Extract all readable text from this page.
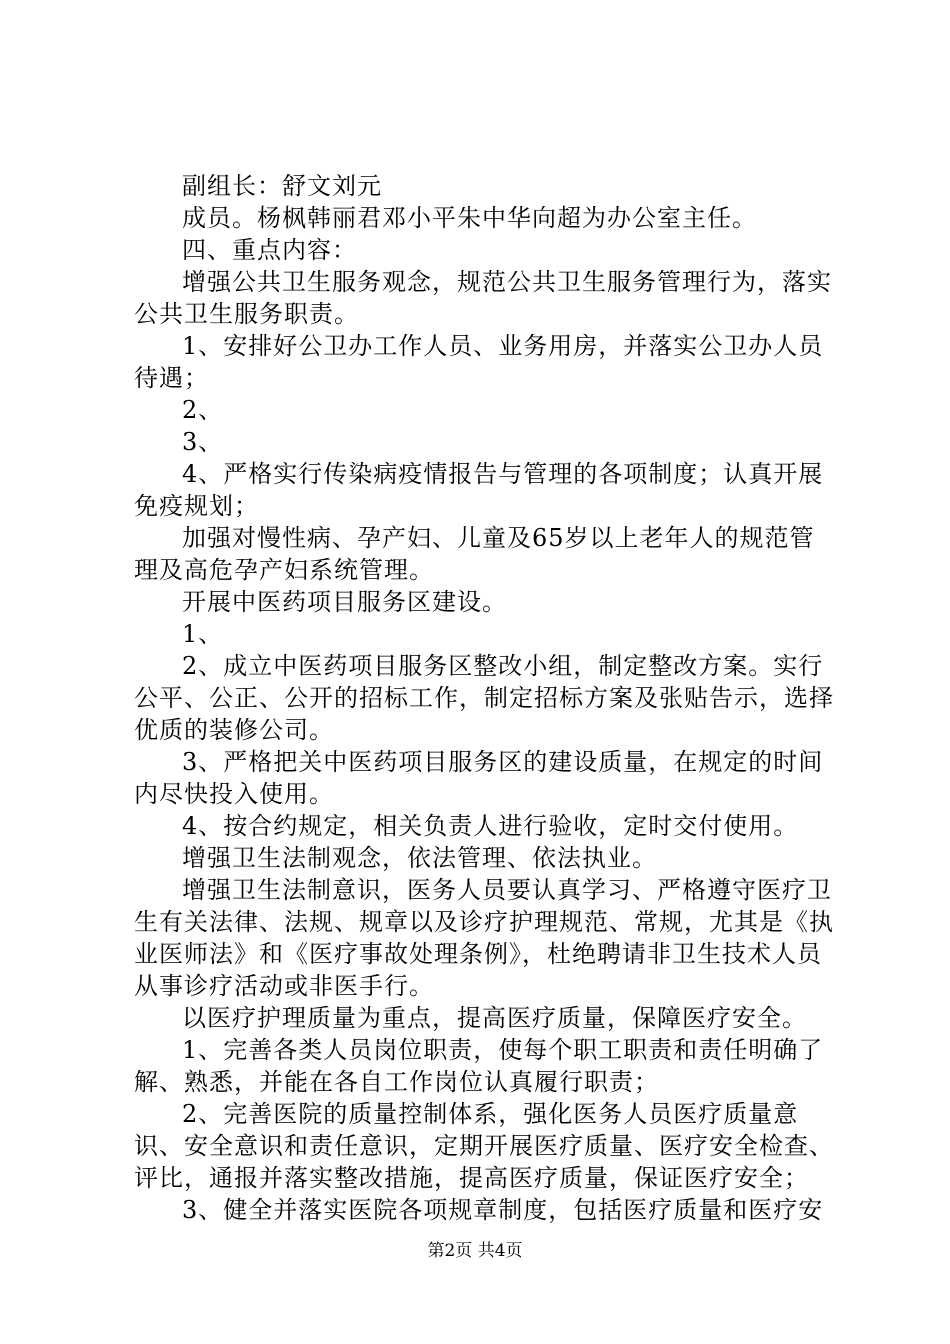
副组长：舒文刘元

成员。杨枫韩丽君邓小平朱中华向超为办公室主任。

四、重点内容：

增强公共卫生服务观念，规范公共卫生服务管理行为，落实公共卫生服务职责。

1、安排好公卫办工作人员、业务用房，并落实公卫办人员待遇；

2、

3、

4、严格实行传染病疫情报告与管理的各项制度；认真开展免疫规划；

加强对慢性病、孕产妇、儿童及65岁以上老年人的规范管理及高危孕产妇系统管理。

开展中医药项目服务区建设。

1、

2、成立中医药项目服务区整改小组，制定整改方案。实行公平、公正、公开的招标工作，制定招标方案及张贴告示，选择优质的装修公司。

3、严格把关中医药项目服务区的建设质量，在规定的时间内尽快投入使用。

4、按合约规定，相关负责人进行验收，定时交付使用。

增强卫生法制观念，依法管理、依法执业。

增强卫生法制意识，医务人员要认真学习、严格遵守医疗卫生有关法律、法规、规章以及诊疗护理规范、常规，尤其是《执业医师法》和《医疗事故处理条例》，杜绝聘请非卫生技术人员从事诊疗活动或非医手行。

以医疗护理质量为重点，提高医疗质量，保障医疗安全。

1、完善各类人员岗位职责，使每个职工职责和责任明确了解、熟悉，并能在各自工作岗位认真履行职责；

2、完善医院的质量控制体系，强化医务人员医疗质量意识、安全意识和责任意识，定期开展医疗质量、医疗安全检查、评比，通报并落实整改措施，提高医疗质量，保证医疗安全；

3、健全并落实医院各项规章制度，包括医疗质量和医疗安

第2页 共4页
